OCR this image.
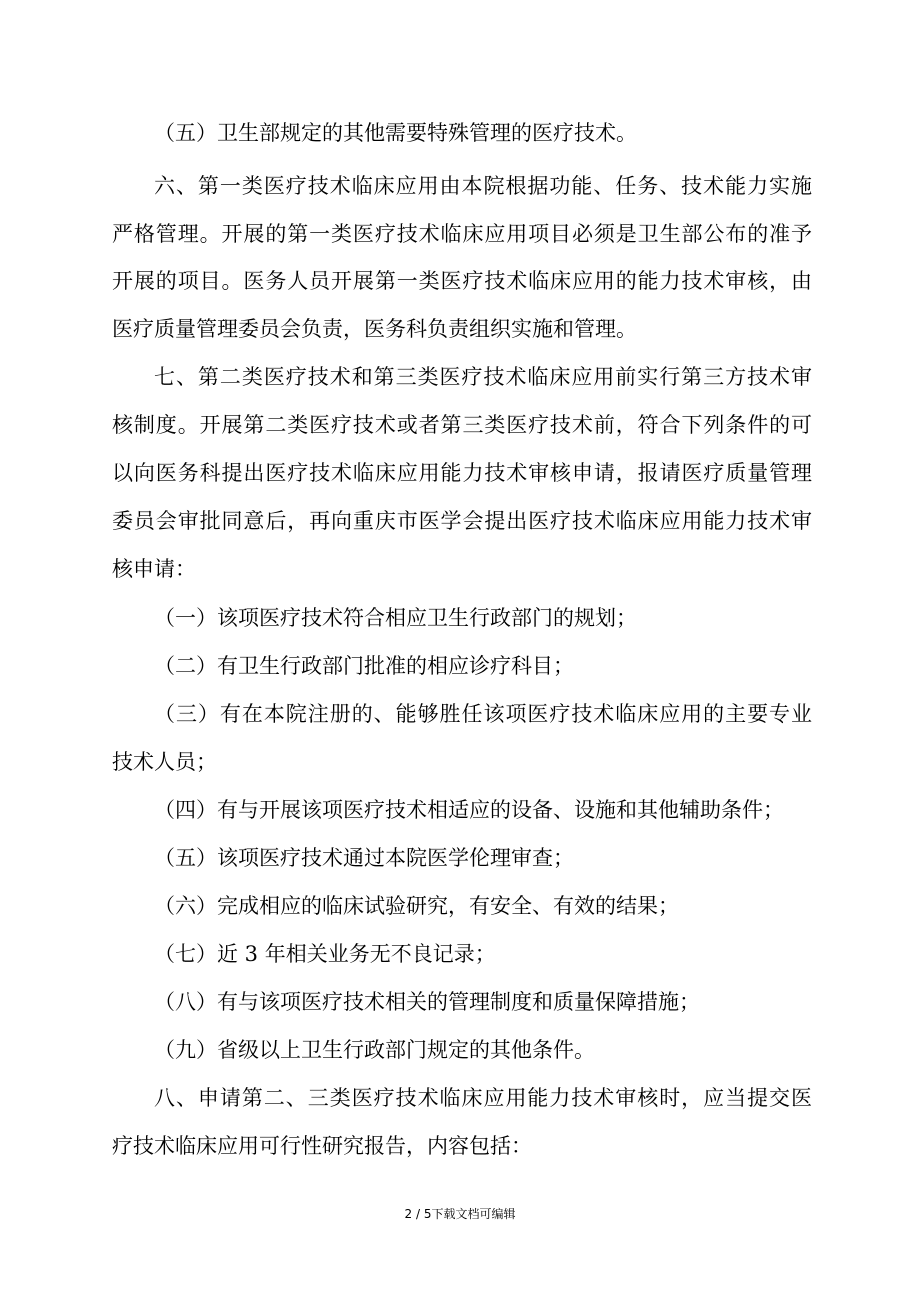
（五）卫生部规定的其他需要特殊管理的医疗技术。

六、第一类医疗技术临床应用由本院根据功能、任务、技术能力实施

严格管理。开展的第一类医疗技术临床应用项目必须是卫生部公布的准予

开展的项目。医务人员开展第一类医疗技术临床应用的能力技术审核，由

医疗质量管理委员会负责，医务科负责组织实施和管理。

七、第二类医疗技术和第三类医疗技术临床应用前实行第三方技术审

核制度。开展第二类医疗技术或者第三类医疗技术前，符合下列条件的可

以向医务科提出医疗技术临床应用能力技术审核申请，报请医疗质量管理

委员会审批同意后，再向重庆市医学会提出医疗技术临床应用能力技术审

核申请：

（一）该项医疗技术符合相应卫生行政部门的规划；

（二）有卫生行政部门批准的相应诊疗科目；

（三）有在本院注册的、能够胜任该项医疗技术临床应用的主要专业

技术人员；

（四）有与开展该项医疗技术相适应的设备、设施和其他辅助条件；

（五）该项医疗技术通过本院医学伦理审查；

（六）完成相应的临床试验研究，有安全、有效的结果；

（七）近 3 年相关业务无不良记录；

（八）有与该项医疗技术相关的管理制度和质量保障措施；

（九）省级以上卫生行政部门规定的其他条件。

八、申请第二、三类医疗技术临床应用能力技术审核时，应当提交医

疗技术临床应用可行性研究报告，内容包括：

2 / 5下载文档可编辑
